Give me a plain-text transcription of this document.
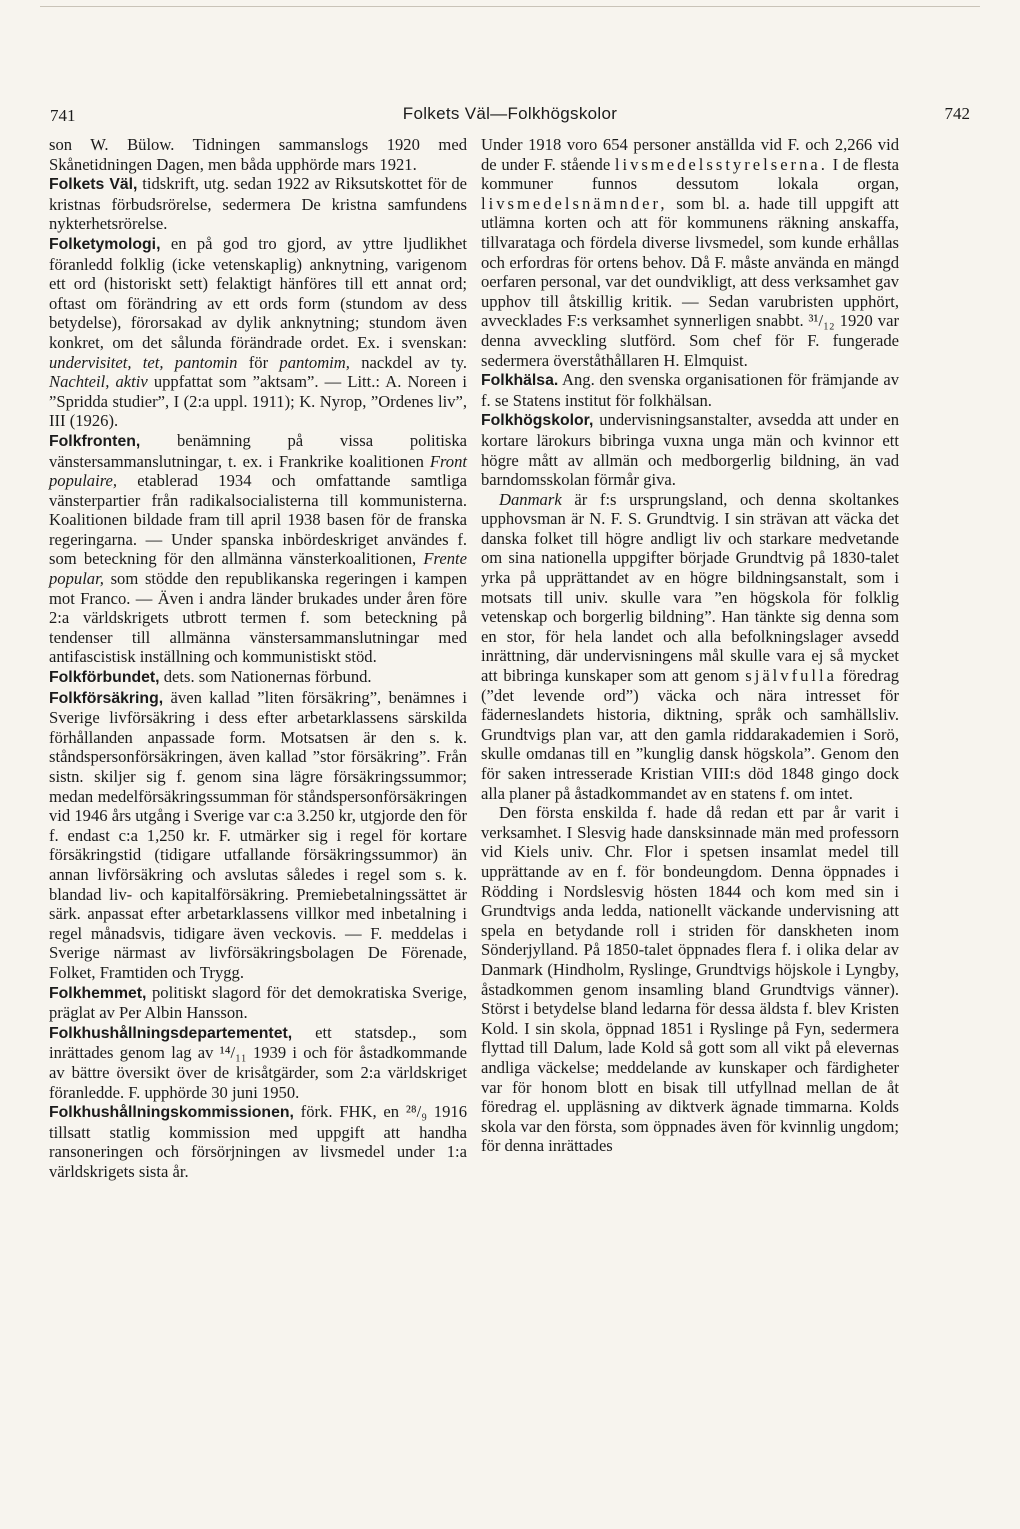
741	Folkets Väl—Folkhögskolor	742

son W. Bülow. Tidningen sammanslogs 1920 med Skånetidningen Dagen, men båda upphörde mars 1921.

Folkets Väl, tidskrift, utg. sedan 1922 av Riksutskottet för de kristnas förbudsrörelse, sedermera De kristna samfundens nykterhetsrörelse.

Folketymologi, en på god tro gjord, av yttre ljudlikhet föranledd folklig (icke vetenskaplig) anknytning, varigenom ett ord (historiskt sett) felaktigt hänföres till ett annat ord; oftast om förändring av ett ords form (stundom av dess betydelse), förorsakad av dylik anknytning; stundom även konkret, om det sålunda förändrade ordet. Ex. i svenskan: undervisitet, tet, pantomin för pantomim, nackdel av ty. Nachteil, aktiv uppfattat som ”aktsam”. — Litt.: A. Noreen i ”Spridda studier”, I (2:a uppl. 1911); K. Nyrop, ”Ordenes liv”, III (1926).

Folkfronten, benämning på vissa politiska vänstersammanslutningar, t. ex. i Frankrike koalitionen Front populaire, etablerad 1934 och omfattande samtliga vänsterpartier från radikalsocialisterna till kommunisterna. Koalitionen bildade fram till april 1938 basen för de franska regeringarna. — Under spanska inbördeskriget användes f. som beteckning för den allmänna vänsterkoalitionen, Frente popular, som stödde den republikanska regeringen i kampen mot Franco. — Även i andra länder brukades under åren före 2:a världskrigets utbrott termen f. som beteckning på tendenser till allmänna vänstersammanslutningar med antifascistisk inställning och kommunistiskt stöd.

Folkförbundet, dets. som Nationernas förbund.

Folkförsäkring, även kallad ”liten försäkring”, benämnes i Sverige livförsäkring i dess efter arbetarklassens särskilda förhållanden anpassade form. Motsatsen är den s. k. ståndspersonförsäkringen, även kallad ”stor försäkring”. Från sistn. skiljer sig f. genom sina lägre försäkringssummor; medan medelförsäkringssumman för ståndspersonförsäkringen vid 1946 års utgång i Sverige var c:a 3.250 kr, utgjorde den för f. endast c:a 1,250 kr. F. utmärker sig i regel för kortare försäkringstid (tidigare utfallande försäkringssummor) än annan livförsäkring och avslutas således i regel som s. k. blandad liv- och kapitalförsäkring. Premiebetalningssättet är särk. anpassat efter arbetarklassens villkor med inbetalning i regel månadsvis, tidigare även veckovis. — F. meddelas i Sverige närmast av livförsäkringsbolagen De Förenade, Folket, Framtiden och Trygg.

Folkhemmet, politiskt slagord för det demokratiska Sverige, präglat av Per Albin Hansson.

Folkhushållningsdepartementet, ett statsdep., som inrättades genom lag av ¹⁴/₁₁ 1939 i och för åstadkommande av bättre översikt över de krisåtgärder, som 2:a världskriget föranledde. F. upphörde 30 juni 1950.

Folkhushållningskommissionen, förk. FHK, en ²⁸/₉ 1916 tillsatt statlig kommission med uppgift att handha ransoneringen och försörjningen av livsmedel under 1:a världskrigets sista år.

Under 1918 voro 654 personer anställda vid F. och 2,266 vid de under F. stående livsmedelsstyrelserna. I de flesta kommuner funnos dessutom lokala organ, livsmedelsnämnder, som bl. a. hade till uppgift att utlämna korten och att för kommunens räkning anskaffa, tillvaratagа och fördela diverse livsmedel, som kunde erhållas och erfordras för ortens behov. Då F. måste använda en mängd oerfaren personal, var det oundvikligt, att dess verksamhet gav upphov till åtskillig kritik. — Sedan varubristen upphört, avvecklades F:s verksamhet synnerligen snabbt. ³¹/₁₂ 1920 var denna avveckling slutförd. Som chef för F. fungerade sedermera överståthållaren H. Elmquist.

Folkhälsa. Ang. den svenska organisationen för främjande av f. se Statens institut för folkhälsan.

Folkhögskolor, undervisningsanstalter, avsedda att under en kortare lärokurs bibringa vuxna unga män och kvinnor ett högre mått av allmän och medborgerlig bildning, än vad barndomsskolan förmår giva.

Danmark är f:s ursprungsland, och denna skoltankes upphovsman är N. F. S. Grundtvig. I sin strävan att väcka det danska folket till högre andligt liv och starkare medvetande om sina nationella uppgifter började Grundtvig på 1830-talet yrka på upprättandet av en högre bildningsanstalt, som i motsats till univ. skulle vara ”en högskola för folklig vetenskap och borgerlig bildning”. Han tänkte sig denna som en stor, för hela landet och alla befolkningslager avsedd inrättning, där undervisningens mål skulle vara ej så mycket att bibringa kunskaper som att genom självfulla föredrag (”det levende ord”) väcka och nära intresset för fäderneslandets historia, diktning, språk och samhällsliv. Grundtvigs plan var, att den gamla riddarakademien i Sorö, skulle omdanas till en ”kunglig dansk högskola”. Genom den för saken intresserade Kristian VIII:s död 1848 gingo dock alla planer på åstadkommandet av en statens f. om intet.

Den första enskilda f. hade då redan ett par år varit i verksamhet. I Slesvig hade dansksinnade män med professorn vid Kiels univ. Chr. Flor i spetsen insamlat medel till upprättande av en f. för bondeungdom. Denna öppnades i Rödding i Nordslesvig hösten 1844 och kom med sin i Grundtvigs anda ledda, nationellt väckande undervisning att spela en betydande roll i striden för danskheten inom Sönderjylland. På 1850-talet öppnades flera f. i olika delar av Danmark (Hindholm, Ryslinge, Grundtvigs höjskole i Lyngby, åstadkommen genom insamling bland Grundtvigs vänner). Störst i betydelse bland ledarna för dessa äldsta f. blev Kristen Kold. I sin skola, öppnad 1851 i Ryslinge på Fyn, sedermera flyttad till Dalum, lade Kold så gott som all vikt på elevernas andliga väckelse; meddelande av kunskaper och färdigheter var för honom blott en bisak till utfyllnad mellan de åt föredrag el. uppläsning av diktverk ägnade timmarna. Kolds skola var den första, som öppnades även för kvinnlig ungdom; för denna inrättades
